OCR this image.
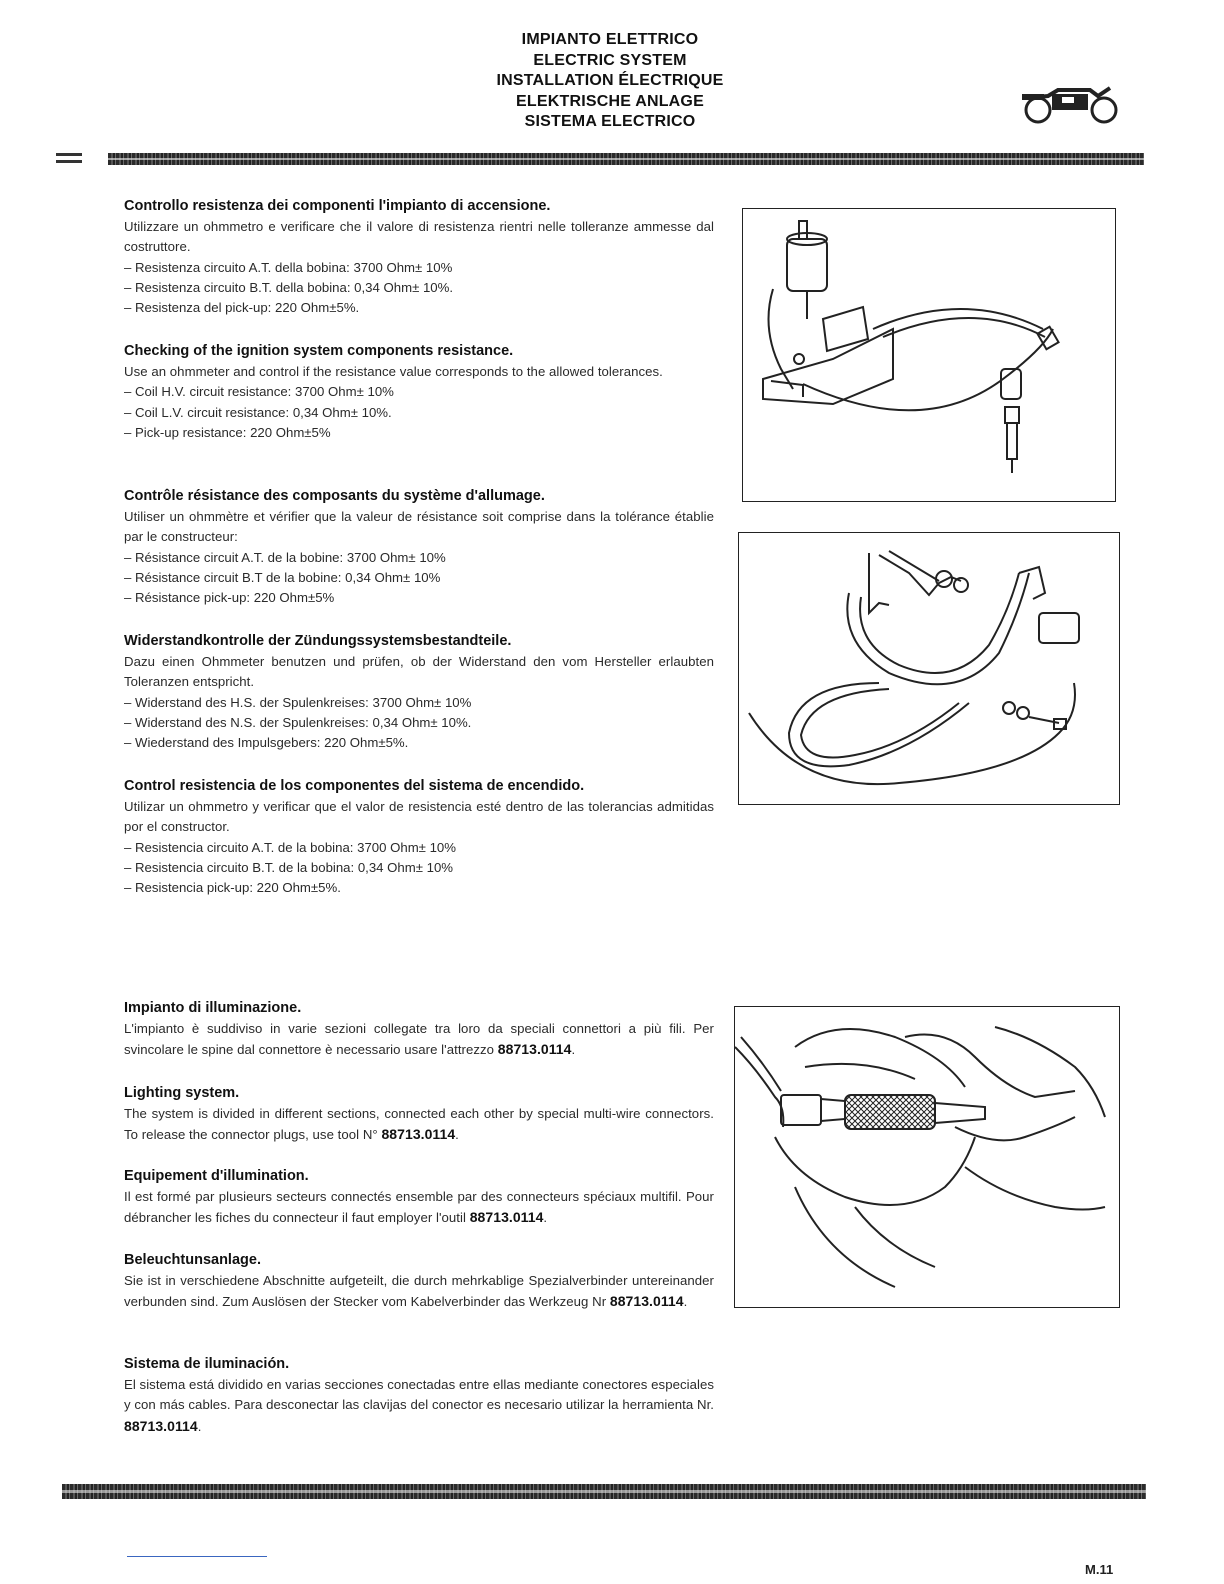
IMPIANTO ELETTRICO
ELECTRIC SYSTEM
INSTALLATION ÉLECTRIQUE
ELEKTRISCHE ANLAGE
SISTEMA ELECTRICO
Controllo resistenza dei componenti l'impianto di accensione.

Utilizzare un ohmmetro e verificare che il valore di resistenza rientri nelle tolleranze ammesse dal costruttore.

– Resistenza circuito A.T. della bobina: 3700 Ohm± 10%
– Resistenza circuito B.T. della bobina: 0,34 Ohm± 10%.
– Resistenza del pick-up: 220 Ohm±5%.
Checking of the ignition system components resistance.

Use an ohmmeter and control if the resistance value corresponds to the allowed tolerances.

– Coil H.V. circuit resistance: 3700 Ohm± 10%
– Coil L.V. circuit resistance: 0,34 Ohm± 10%.
– Pick-up resistance: 220 Ohm±5%
Contrôle résistance des composants du système d'allumage.

Utiliser un ohmmètre et vérifier que la valeur de résistance soit comprise dans la tolérance établie par le constructeur:

– Résistance circuit A.T. de la bobine: 3700 Ohm± 10%
– Résistance circuit B.T de la bobine: 0,34 Ohm± 10%
– Résistance pick-up: 220 Ohm±5%
Widerstandkontrolle der Zündungssystemsbestandteile.

Dazu einen Ohmmeter benutzen und prüfen, ob der Widerstand den vom Hersteller erlaubten Toleranzen entspricht.

– Widerstand des H.S. der Spulenkreises: 3700 Ohm± 10%
– Widerstand des N.S. der Spulenkreises: 0,34 Ohm± 10%.
– Wiederstand des Impulsgebers: 220 Ohm±5%.
Control resistencia de los componentes del sistema de encendido.

Utilizar un ohmmetro y verificar que el valor de resistencia esté dentro de las tolerancias admitidas por el constructor.

– Resistencia circuito A.T. de la bobina: 3700 Ohm± 10%
– Resistencia circuito B.T. de la bobina: 0,34 Ohm± 10%
– Resistencia pick-up: 220 Ohm±5%.
Impianto di illuminazione.

L'impianto è suddiviso in varie sezioni collegate tra loro da speciali connettori a più fili. Per svincolare le spine dal connettore è necessario usare l'attrezzo 88713.0114.

Lighting system.

The system is divided in different sections, connected each other by special multi-wire connectors. To release the connector plugs, use tool N° 88713.0114.

Equipement d'illumination.

Il est formé par plusieurs secteurs connectés ensemble par des connecteurs spéciaux multifil. Pour débrancher les fiches du connecteur il faut employer l'outil 88713.0114.

Beleuchtunsanlage.

Sie ist in verschiedene Abschnitte aufgeteilt, die durch mehrkablige Spezialverbinder untereinander verbunden sind. Zum Auslösen der Stecker vom Kabelverbinder das Werkzeug Nr 88713.0114.

Sistema de iluminación.

El sistema está dividido en varias secciones conectadas entre ellas mediante conectores especiales y con más cables. Para desconectar las clavijas del conector es necesario utilizar la herramienta Nr. 88713.0114.

M.11
